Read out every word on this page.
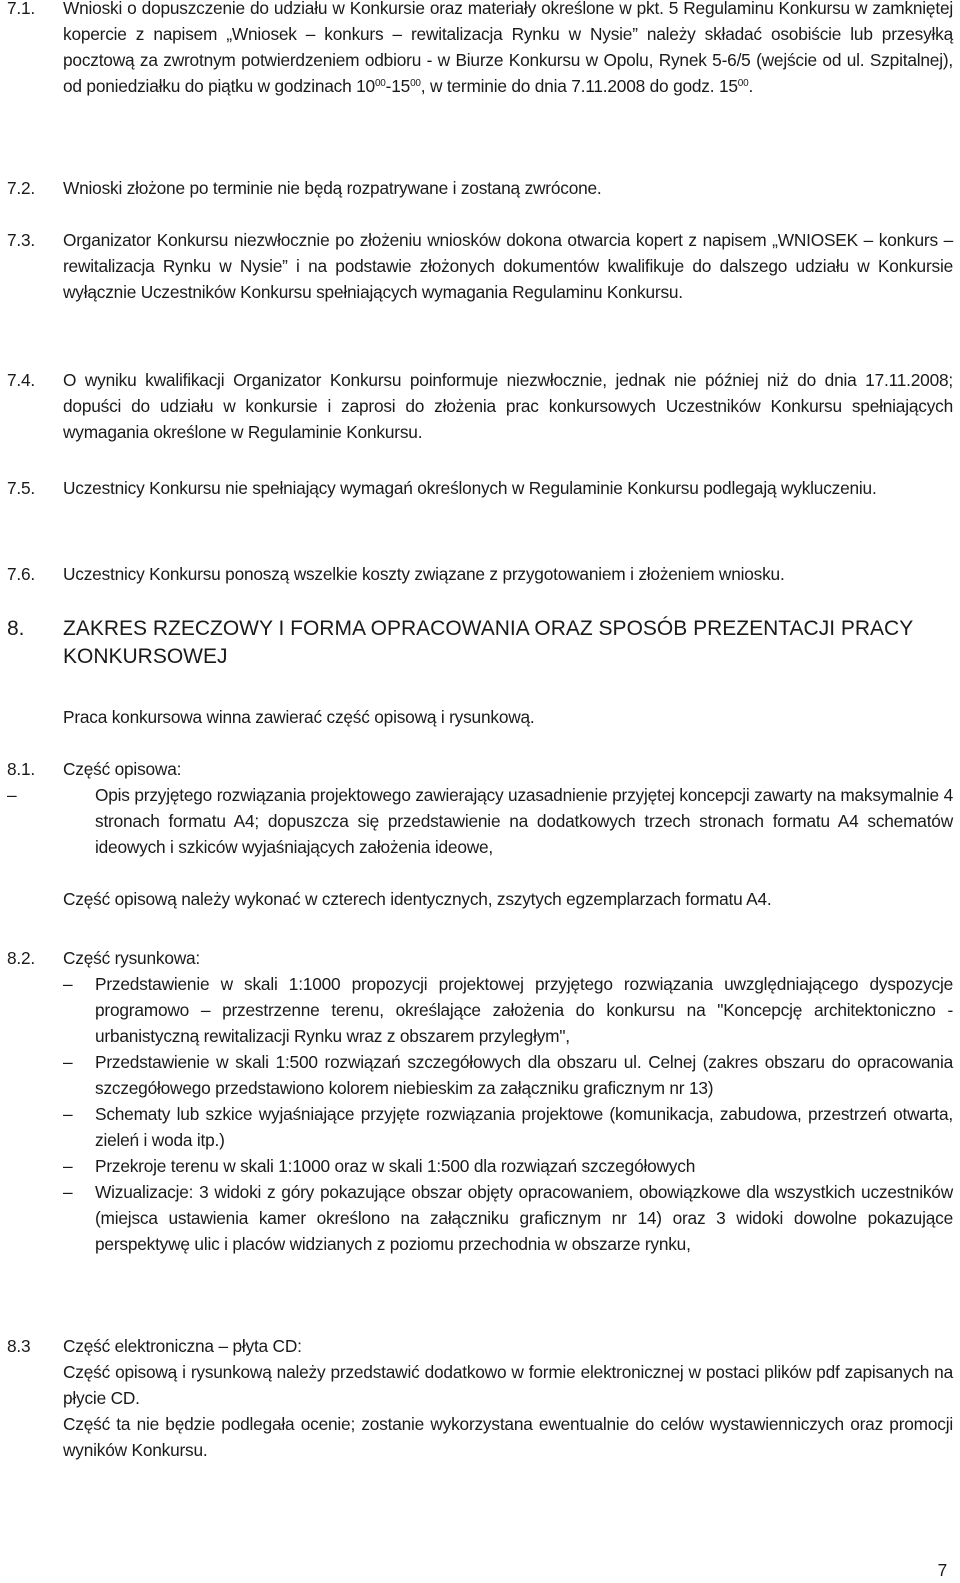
7.1.	Wnioski o dopuszczenie do udziału w Konkursie oraz materiały określone w pkt. 5 Regulaminu Konkursu w zamkniętej kopercie z napisem „Wniosek – konkurs – rewitalizacja Rynku w Nysie” należy składać osobiście lub przesyłką pocztową za zwrotnym potwierdzeniem odbioru - w Biurze Konkursu w Opolu, Rynek 5-6/5 (wejście od ul. Szpitalnej), od poniedziałku do piątku w godzinach $10^{00}-15^{00}$, w terminie do dnia 7.11.2008 do godz. $15^{00}$.
7.2.	Wnioski złożone po terminie nie będą rozpatrywane i zostaną zwrócone.
7.3.	Organizator Konkursu niezwłocznie po złożeniu wniosków dokona otwarcia kopert z napisem „WNIOSEK – konkurs – rewitalizacja Rynku w Nysie” i na podstawie złożonych dokumentów kwalifikuje do dalszego udziału w Konkursie wyłącznie Uczestników Konkursu spełniających wymagania Regulaminu Konkursu.
7.4.	O wyniku kwalifikacji Organizator Konkursu poinformuje niezwłocznie, jednak nie później niż do dnia 17.11.2008; dopuści do udziału w konkursie i zaprosi do złożenia prac konkursowych Uczestników Konkursu spełniających wymagania określone w Regulaminie Konkursu.
7.5.	Uczestnicy Konkursu nie spełniający wymagań określonych w Regulaminie Konkursu podlegają wykluczeniu.
7.6.	Uczestnicy Konkursu ponoszą wszelkie koszty związane z przygotowaniem i złożeniem wniosku.
8.	ZAKRES RZECZOWY I FORMA OPRACOWANIA ORAZ SPOSÓB PREZENTACJI PRACY KONKURSOWEJ
Praca konkursowa winna zawierać część opisową i rysunkową.
8.1.	Część opisowa:

–	Opis przyjętego rozwiązania projektowego zawierający uzasadnienie przyjętej koncepcji zawarty na maksymalnie 4 stronach formatu A4; dopuszcza się przedstawienie na dodatkowych trzech stronach formatu A4 schematów ideowych i szkiców wyjaśniających założenia ideowe,

Część opisową należy wykonać w czterech identycznych, zszytych egzemplarzach formatu A4.

8.2.	Część rysunkowa:

–	Przedstawienie w skali 1:1000 propozycji projektowej przyjętego rozwiązania uwzględniającego dyspozycje programowo – przestrzenne terenu, określające założenia do konkursu na "Koncepcję architektoniczno - urbanistyczną rewitalizacji Rynku wraz z obszarem przyległym",
–	Przedstawienie w skali 1:500 rozwiązań szczegółowych dla obszaru ul. Celnej (zakres obszaru do opracowania szczegółowego przedstawiono kolorem niebieskim za załączniku graficznym nr 13)
–	Schematy lub szkice wyjaśniające przyjęte rozwiązania projektowe (komunikacja, zabudowa, przestrzeń otwarta, zieleń i woda itp.)
–	Przekroje terenu w skali 1:1000 oraz w skali 1:500 dla rozwiązań szczegółowych
–	Wizualizacje: 3 widoki z góry pokazujące obszar objęty opracowaniem, obowiązkowe dla wszystkich uczestników (miejsca ustawienia kamer określono na załączniku graficznym nr 14) oraz 3 widoki dowolne pokazujące perspektywę ulic i placów widzianych z poziomu przechodnia w obszarze rynku,
8.3	Część elektroniczna – płyta CD:

Część opisową i rysunkową należy przedstawić dodatkowo w formie elektronicznej w postaci plików pdf zapisanych na płycie CD.

Część ta nie będzie podlegała ocenie; zostanie wykorzystana ewentualnie do celów wystawienniczych oraz promocji wyników Konkursu.

7
